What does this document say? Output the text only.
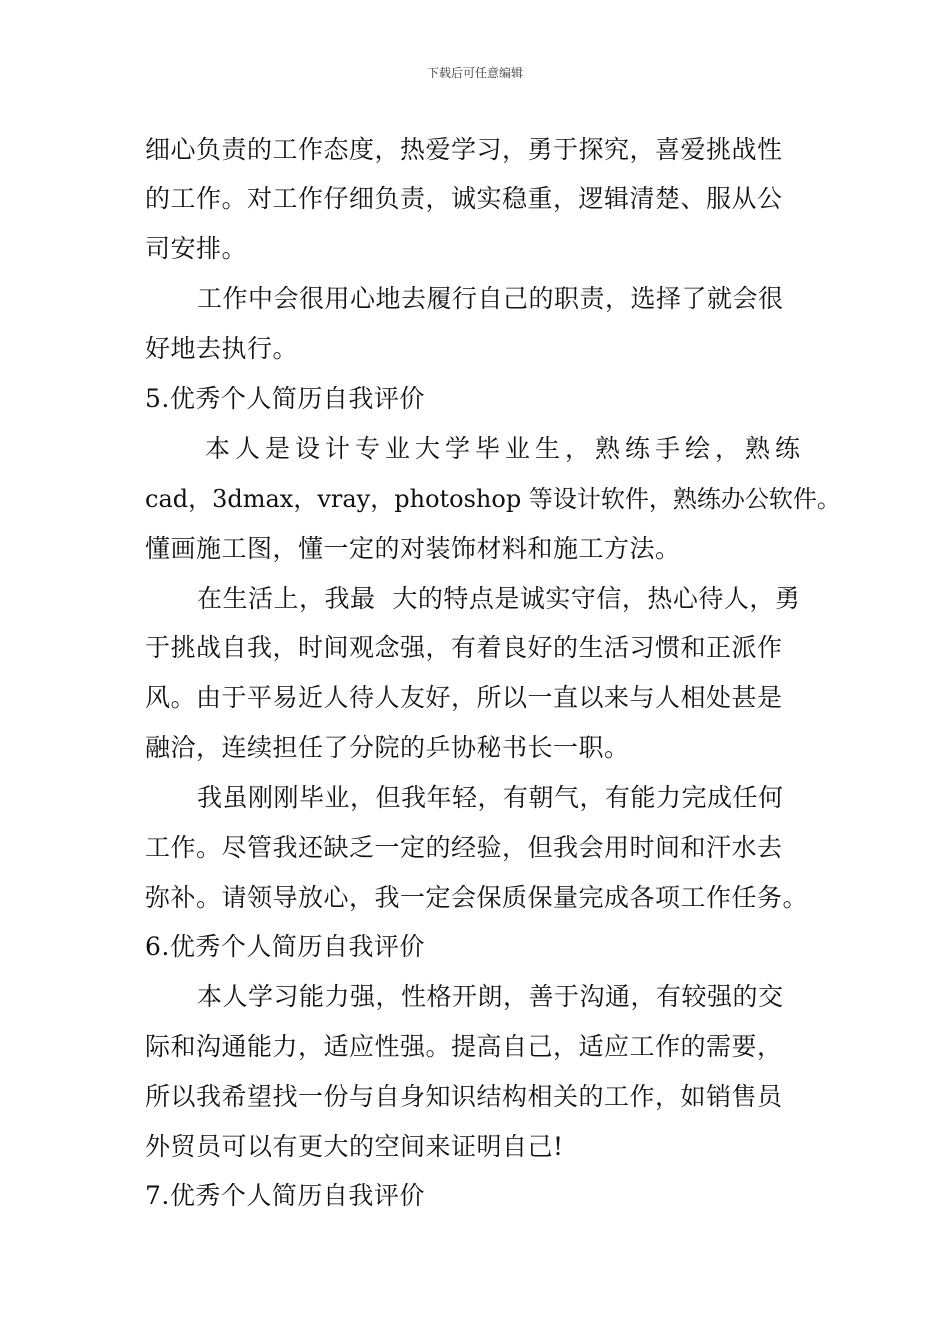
下载后可任意编辑
细心负责的工作态度，热爱学习，勇于探究，喜爱挑战性
的工作。对工作仔细负责，诚实稳重，逻辑清楚、服从公
司安排。
工作中会很用心地去履行自己的职责，选择了就会很
好地去执行。
5.优秀个人简历自我评价
本人是设计专业大学毕业生，熟练手绘，熟练
cad，3dmax，vray，photoshop 等设计软件，熟练办公软件。
懂画施工图，懂一定的对装饰材料和施工方法。
在生活上，我最  大的特点是诚实守信，热心待人，勇
于挑战自我，时间观念强，有着良好的生活习惯和正派作
风。由于平易近人待人友好，所以一直以来与人相处甚是
融洽，连续担任了分院的乒协秘书长一职。
我虽刚刚毕业，但我年轻，有朝气，有能力完成任何
工作。尽管我还缺乏一定的经验，但我会用时间和汗水去
弥补。请领导放心，我一定会保质保量完成各项工作任务。
6.优秀个人简历自我评价
本人学习能力强，性格开朗，善于沟通，有较强的交
际和沟通能力，适应性强。提高自己，适应工作的需要，
所以我希望找一份与自身知识结构相关的工作，如销售员
外贸员可以有更大的空间来证明自己!
7.优秀个人简历自我评价
